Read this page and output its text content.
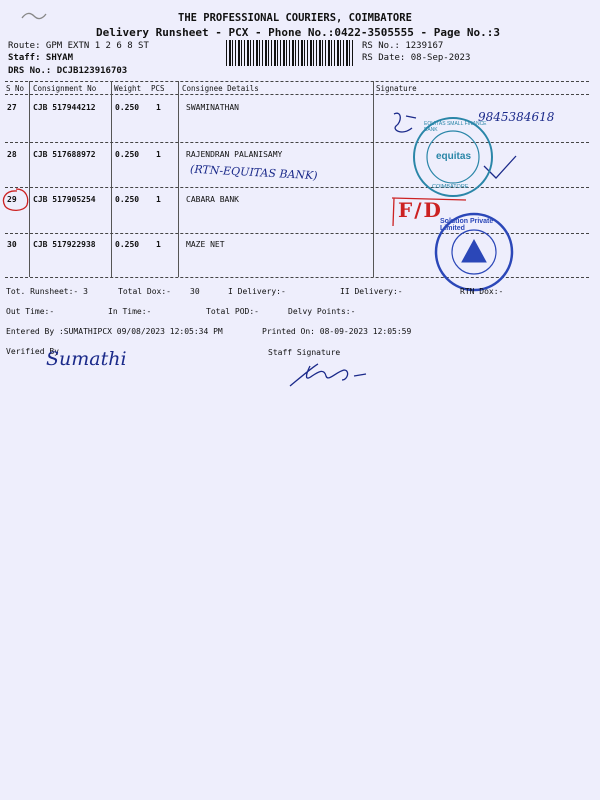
THE PROFESSIONAL COURIERS, COIMBATORE
Delivery Runsheet - PCX - Phone No.:0422-3505555 - Page No.:3
Route: GPM EXTN 1 2 6 8 ST
Staff: SHYAM
DRS No.: DCJB123916703
RS No.: 1239167
RS Date: 08-Sep-2023
S No Consignment No Weight PCS Consignee Details	Signature
27 CJB 517944212 0.250 1	SWAMINATHAN
28 CJB 517688972 0.250 1	RAJENDRAN PALANISAMY
29 CJB 517905254 0.250 1	CABARA BANK
30 CJB 517922938 0.250 1	MAZE NET
9845384618
(RTN-EQUITAS BANK)
F/D
EQUITAS SMALL FINANCE BANK
equitas
COIMBATORE
Solution Private Limited
Tot. Runsheet:- 3	Total Dox:- 30	I Delivery:-	II Delivery:-	RTN Dox:-
Out Time:-	In Time:-	Total POD:-	Delvy Points:-
Entered By :SUMATHIPCX 09/08/2023 12:05:34 PM	Printed On: 08-09-2023 12:05:59
Verified By	Staff Signature
Sumathi
